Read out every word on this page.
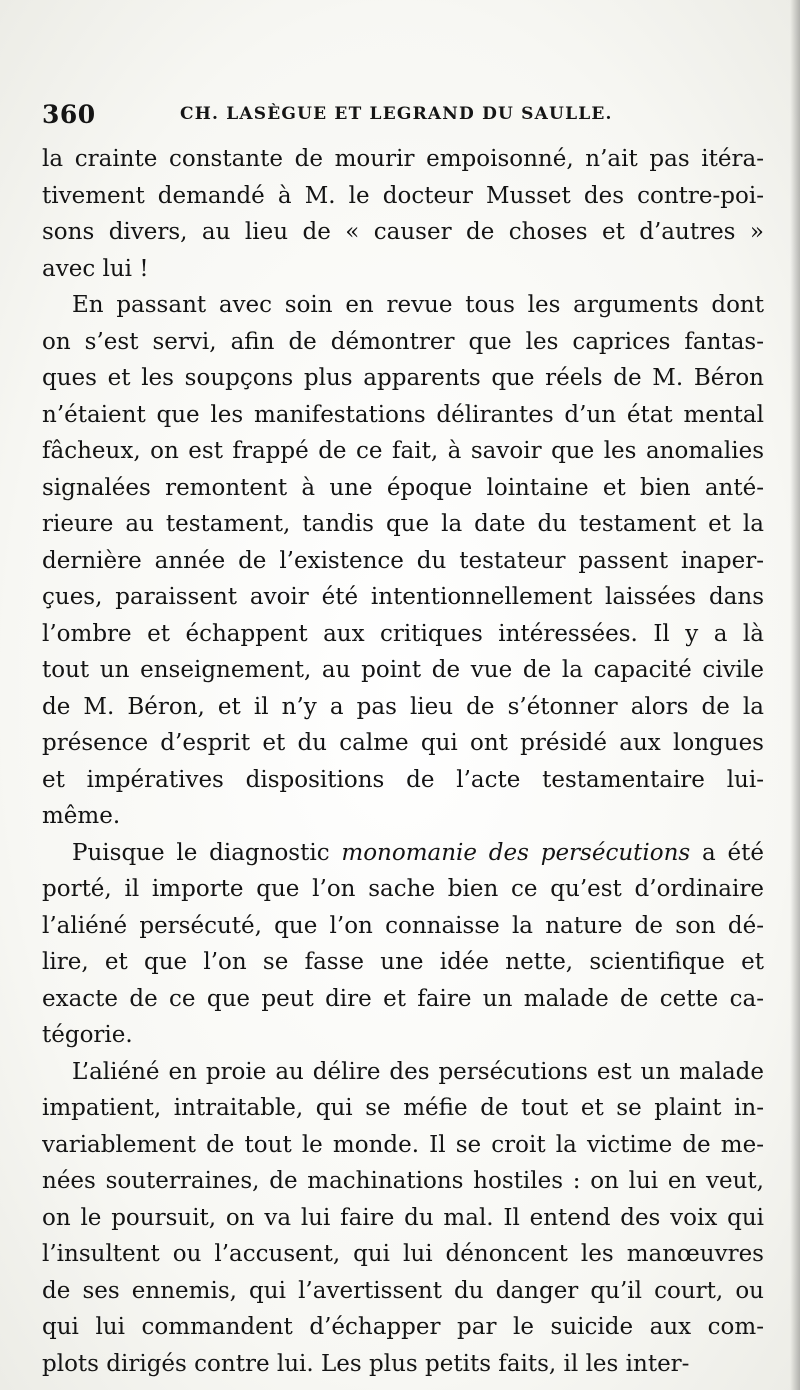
360	CH. LASÈGUE ET LEGRAND DU SAULLE.
la crainte constante de mourir empoisonné, n’ait pas itéra-
tivement demandé à M. le docteur Musset des contre-poi-
sons divers, au lieu de « causer de choses et d’autres »
avec lui !
En passant avec soin en revue tous les arguments dont
on s’est servi, afin de démontrer que les caprices fantas-
ques et les soupçons plus apparents que réels de M. Béron
n’étaient que les manifestations délirantes d’un état mental
fâcheux, on est frappé de ce fait, à savoir que les anomalies
signalées remontent à une époque lointaine et bien anté-
rieure au testament, tandis que la date du testament et la
dernière année de l’existence du testateur passent inaper-
çues, paraissent avoir été intentionnellement laissées dans
l’ombre et échappent aux critiques intéressées. Il y a là
tout un enseignement, au point de vue de la capacité civile
de M. Béron, et il n’y a pas lieu de s’étonner alors de la
présence d’esprit et du calme qui ont présidé aux longues
et impératives dispositions de l’acte testamentaire lui-
même.
Puisque le diagnostic monomanie des persécutions a été
porté, il importe que l’on sache bien ce qu’est d’ordinaire
l’aliéné persécuté, que l’on connaisse la nature de son dé-
lire, et que l’on se fasse une idée nette, scientifique et
exacte de ce que peut dire et faire un malade de cette ca-
tégorie.
L’aliéné en proie au délire des persécutions est un malade
impatient, intraitable, qui se méfie de tout et se plaint in-
variablement de tout le monde. Il se croit la victime de me-
nées souterraines, de machinations hostiles : on lui en veut,
on le poursuit, on va lui faire du mal. Il entend des voix qui
l’insultent ou l’accusent, qui lui dénoncent les manœuvres
de ses ennemis, qui l’avertissent du danger qu’il court, ou
qui lui commandent d’échapper par le suicide aux com-
plots dirigés contre lui. Les plus petits faits, il les inter-
